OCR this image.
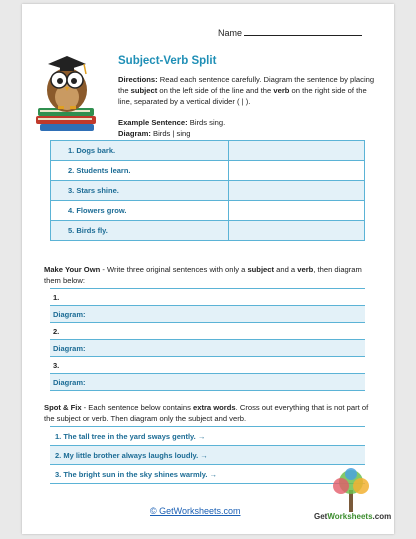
Name
Subject-Verb Split
Directions: Read each sentence carefully. Diagram the sentence by placing the subject on the left side of the line and the verb on the right side of the line, separated by a vertical divider ( | ).
Example Sentence: Birds sing.
Diagram: Birds | sing
1. Dogs bark.	
2. Students learn.	
3. Stars shine.	
4. Flowers grow.	
5. Birds fly.	
Make Your Own - Write three original sentences with only a subject and a verb, then diagram them below:
1.
Diagram:
2.
Diagram:
3.
Diagram:
Spot & Fix - Each sentence below contains extra words. Cross out everything that is not part of the subject or verb. Then diagram only the subject and verb.
1. The tall tree in the yard sways gently. →
2. My little brother always laughs loudly. →
3. The bright sun in the sky shines warmly. →
GetWorksheets.com
© GetWorksheets.com
